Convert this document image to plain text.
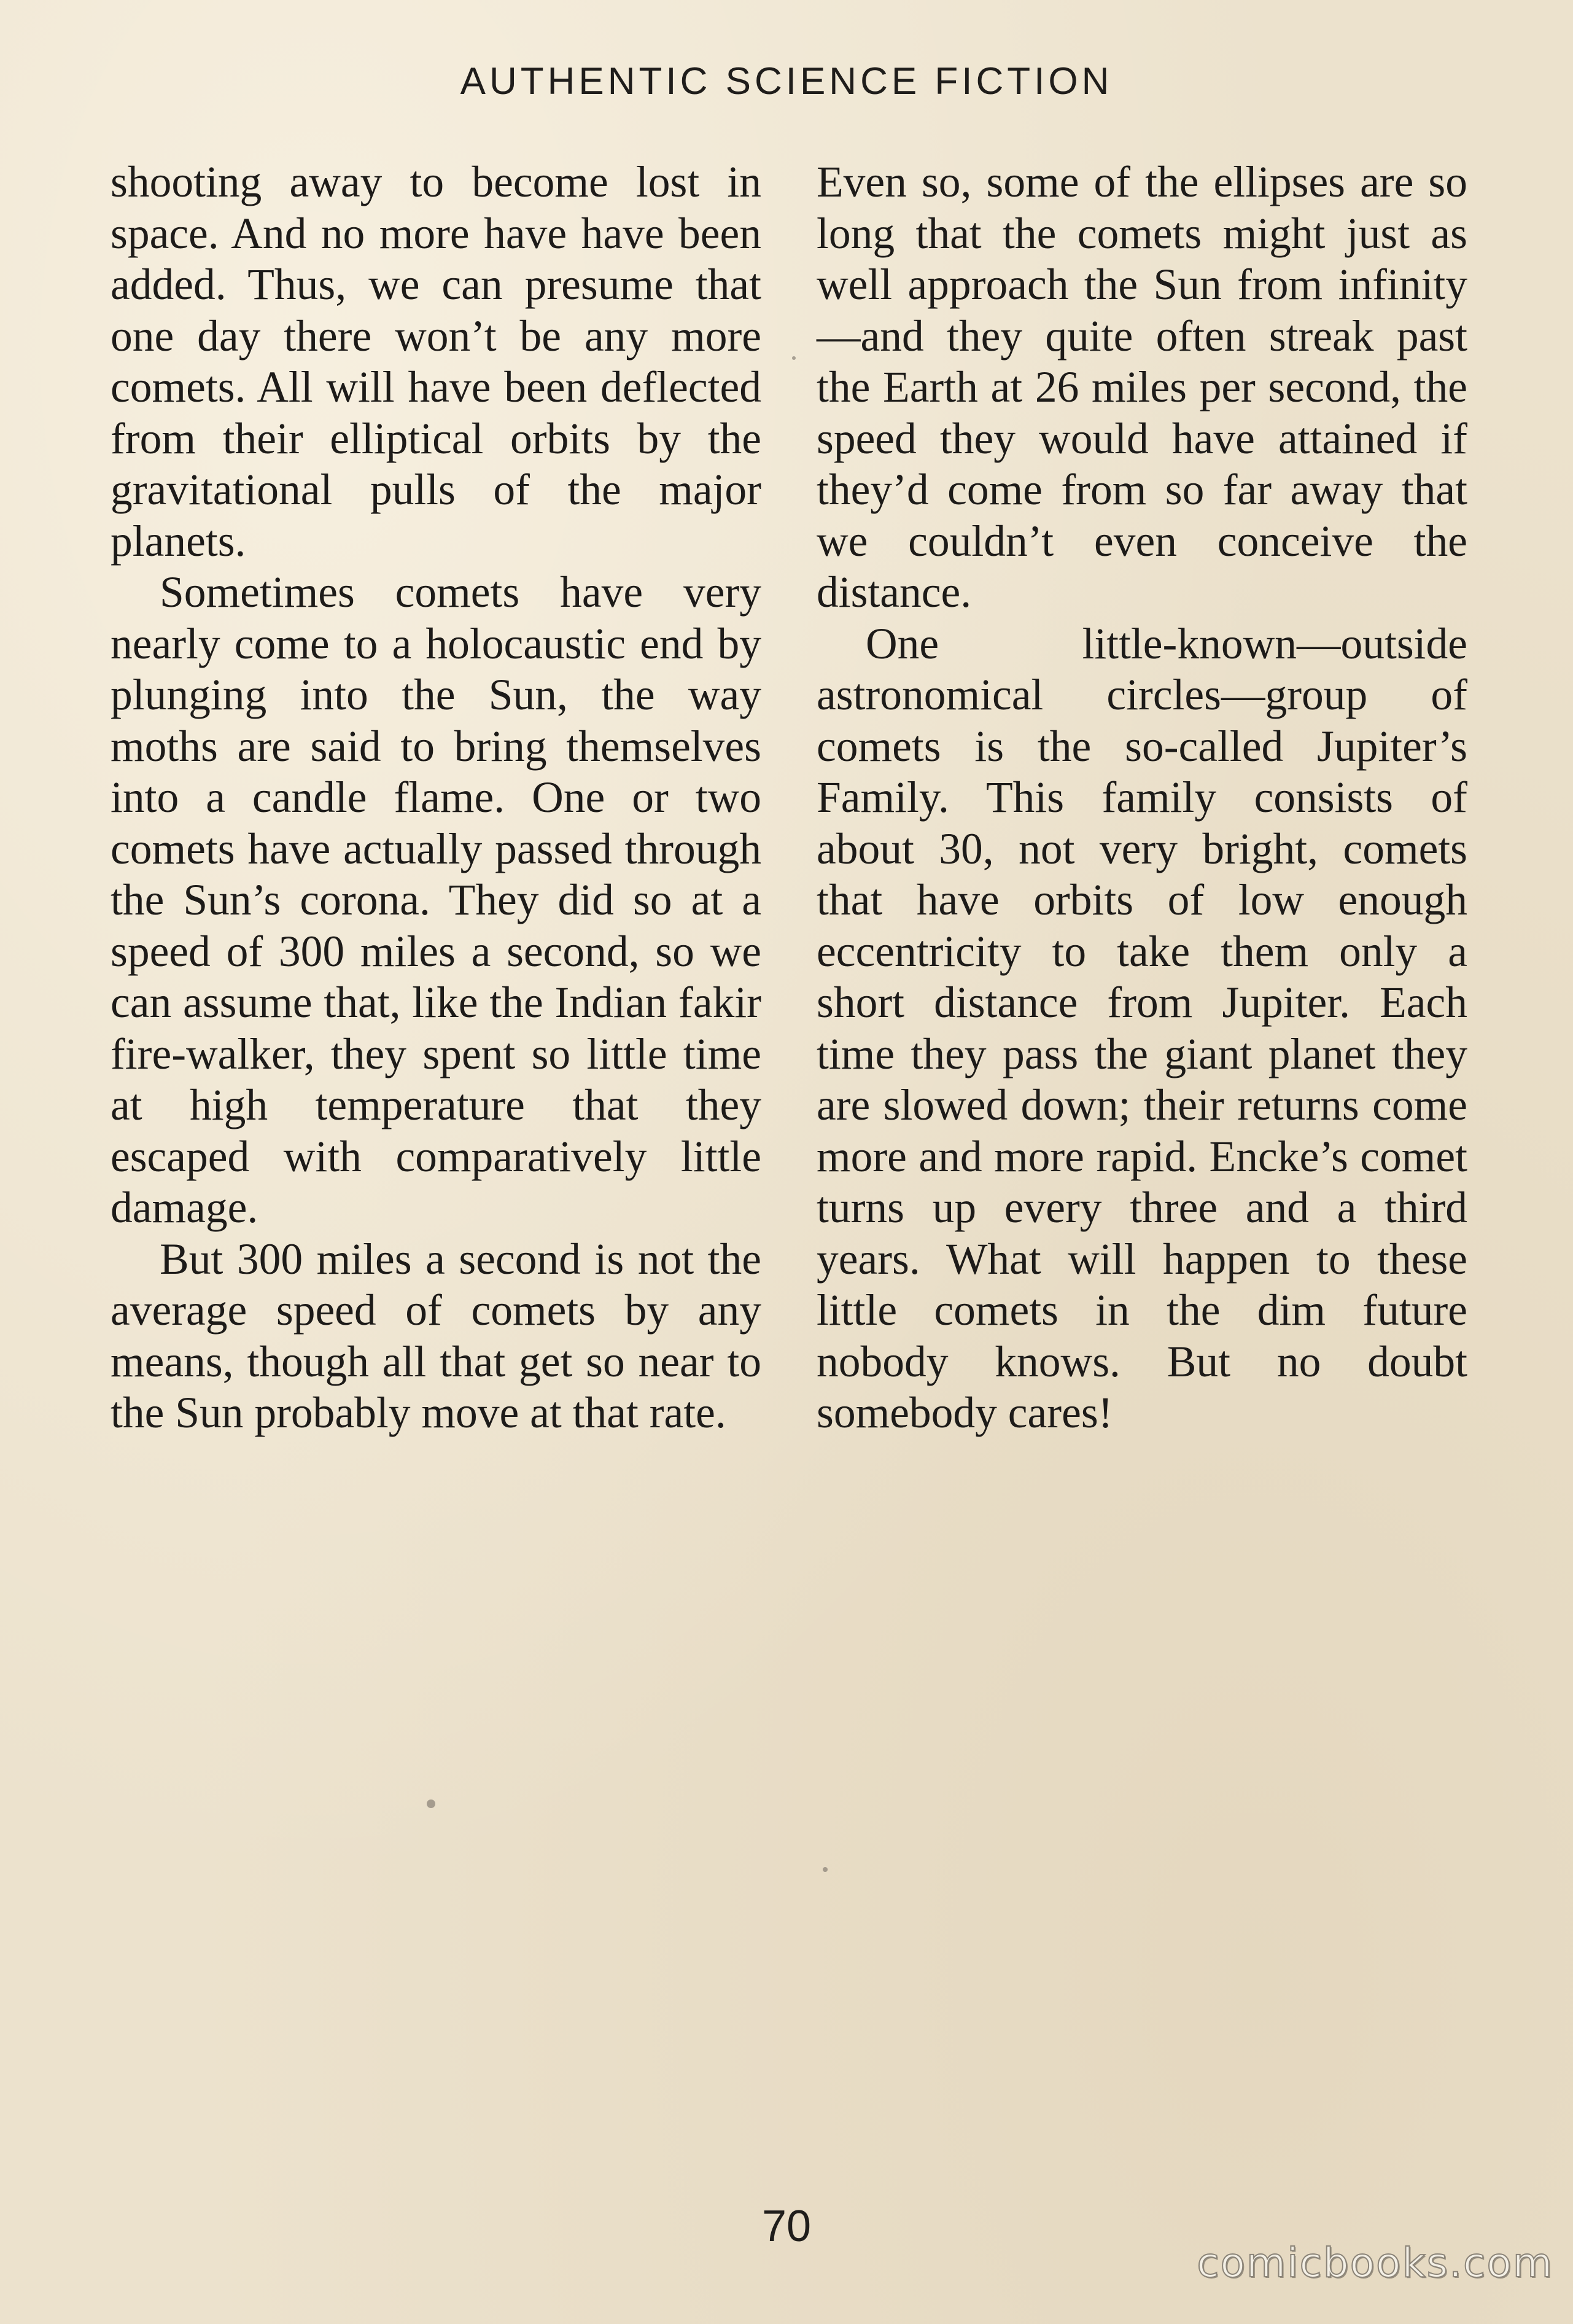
AUTHENTIC SCIENCE FICTION

shooting away to become lost in space. And no more have have been added. Thus, we can presume that one day there won’t be any more comets. All will have been deflected from their elliptical orbits by the gravitational pulls of the major planets.

Sometimes comets have very nearly come to a holocaustic end by plunging into the Sun, the way moths are said to bring themselves into a candle flame. One or two comets have actually passed through the Sun’s corona. They did so at a speed of 300 miles a second, so we can assume that, like the Indian fakir fire-walker, they spent so little time at high temperature that they escaped with comparatively little damage.

But 300 miles a second is not the average speed of comets by any means, though all that get so near to the Sun probably move at that rate.

Even so, some of the ellipses are so long that the comets might just as well approach the Sun from infinity—and they quite often streak past the Earth at 26 miles per second, the speed they would have attained if they’d come from so far away that we couldn’t even conceive the distance.

One little-known—outside astronomical circles—group of comets is the so-called Jupiter’s Family. This family consists of about 30, not very bright, comets that have orbits of low enough eccentricity to take them only a short distance from Jupiter. Each time they pass the giant planet they are slowed down; their returns come more and more rapid. Encke’s comet turns up every three and a third years. What will happen to these little comets in the dim future nobody knows. But no doubt somebody cares!

70
comicbooks.com
